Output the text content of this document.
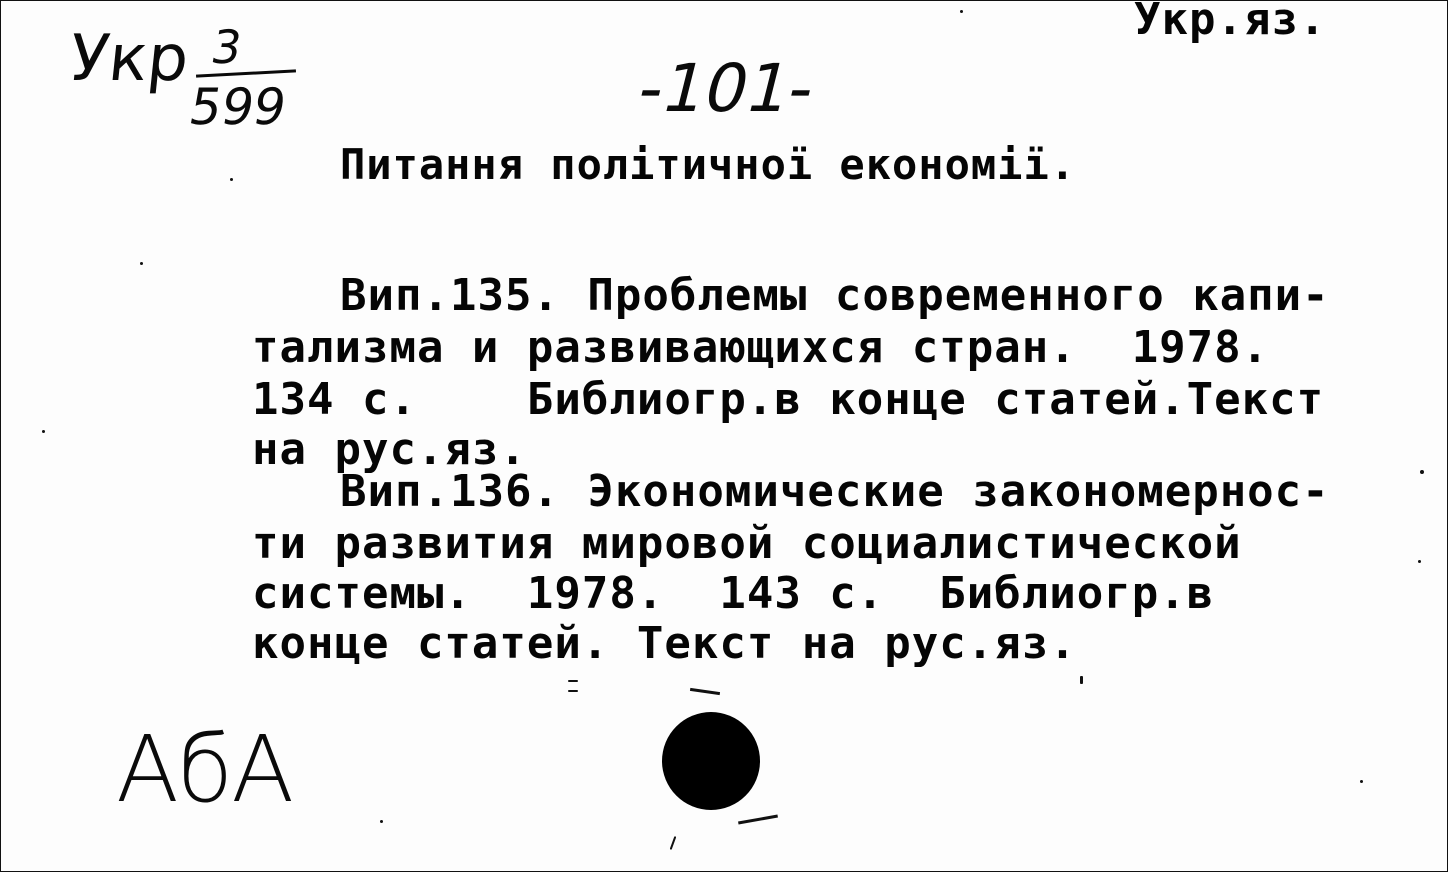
Укр.яз.
Укр 3
599	-101-
Питання політичної економії.
Вип.135. Проблемы современного капи-
тализма и развивающихся стран.  1978.
134 с.    Библиогр.в конце статей.Текст
на рус.яз.
Вип.136. Экономические закономернос-
ти развития мировой социалистической
системы.  1978.  143 с.  Библиогр.в
конце статей. Текст на рус.яз.
АбА
